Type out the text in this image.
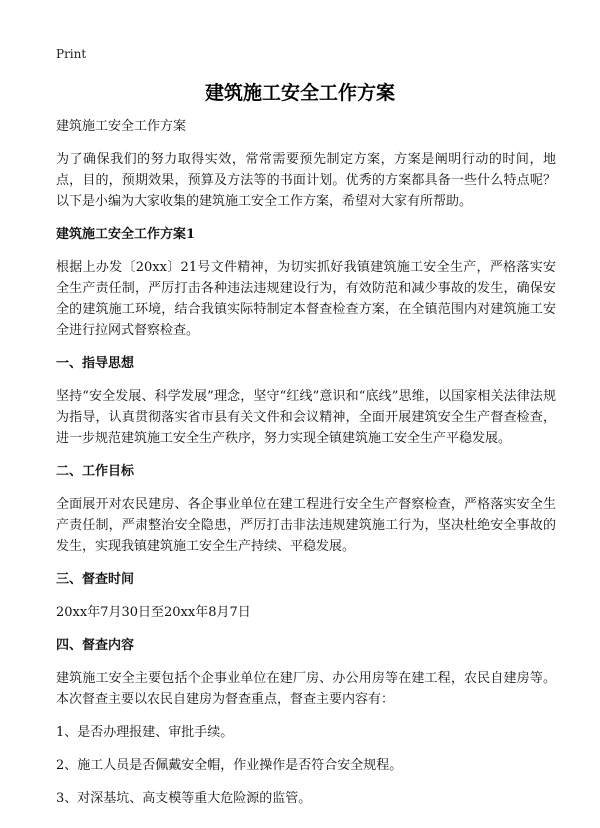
Print
建筑施工安全工作方案

建筑施工安全工作方案

为了确保我们的努力取得实效，常常需要预先制定方案，方案是阐明行动的时间，地点，目的，预期效果，预算及方法等的书面计划。优秀的方案都具备一些什么特点呢？以下是小编为大家收集的建筑施工安全工作方案，希望对大家有所帮助。

建筑施工安全工作方案1

根据上办发〔20xx〕21号文件精神，为切实抓好我镇建筑施工安全生产，严格落实安全生产责任制，严厉打击各种违法违规建设行为，有效防范和减少事故的发生，确保安全的建筑施工环境，结合我镇实际特制定本督查检查方案，在全镇范围内对建筑施工安全进行拉网式督察检查。

一、指导思想

坚持“安全发展、科学发展”理念，坚守“红线”意识和“底线”思维，以国家相关法律法规为指导，认真贯彻落实省市县有关文件和会议精神，全面开展建筑安全生产督查检查，进一步规范建筑施工安全生产秩序，努力实现全镇建筑施工安全生产平稳发展。

二、工作目标

全面展开对农民建房、各企事业单位在建工程进行安全生产督察检查，严格落实安全生产责任制，严肃整治安全隐患，严厉打击非法违规建筑施工行为，坚决杜绝安全事故的发生，实现我镇建筑施工安全生产持续、平稳发展。

三、督查时间

20xx年7月30日至20xx年8月7日

四、督查内容

建筑施工安全主要包括个企事业单位在建厂房、办公用房等在建工程，农民自建房等。本次督查主要以农民自建房为督查重点，督查主要内容有：

1、是否办理报建、审批手续。

2、施工人员是否佩戴安全帽，作业操作是否符合安全规程。

3、对深基坑、高支模等重大危险源的监管。
